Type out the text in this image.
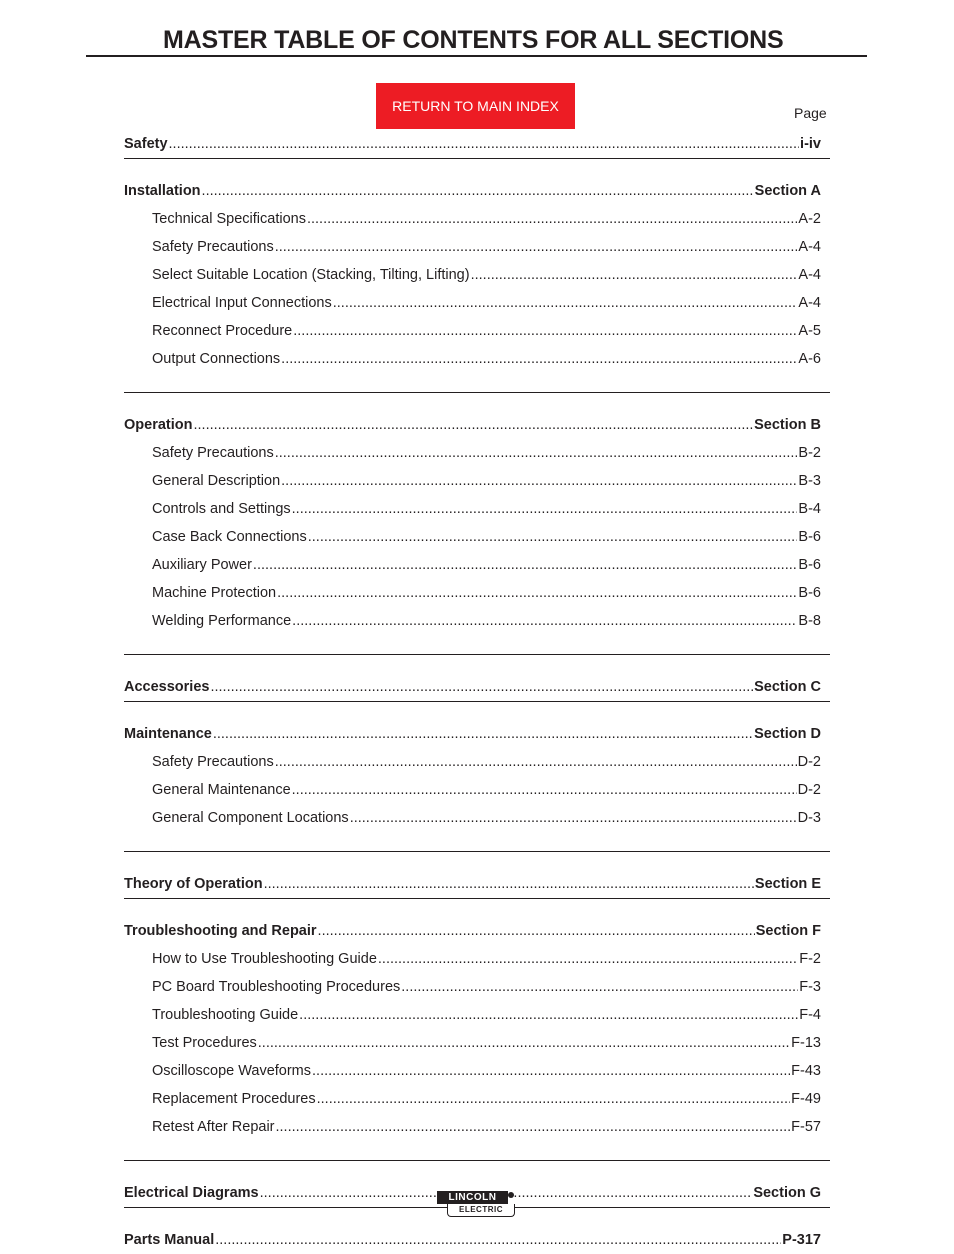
MASTER TABLE OF CONTENTS FOR ALL SECTIONS
RETURN TO MAIN INDEX	Page
Safety .....	i-iv
Installation .....	Section A
Technical Specifications .....	A-2
Safety Precautions .....	A-4
Select Suitable Location (Stacking, Tilting, Lifting) .....	A-4
Electrical Input Connections .....	A-4
Reconnect Procedure .....	A-5
Output Connections .....	A-6
Operation .....	Section B
Safety Precautions .....	B-2
General Description .....	B-3
Controls and Settings .....	B-4
Case Back Connections .....	B-6
Auxiliary Power .....	B-6
Machine Protection .....	B-6
Welding Performance .....	B-8
Accessories .....	Section C
Maintenance .....	Section D
Safety Precautions .....	D-2
General Maintenance .....	D-2
General Component Locations .....	D-3
Theory of Operation .....	Section E
Troubleshooting and Repair .....	Section F
How to Use Troubleshooting Guide .....	F-2
PC Board Troubleshooting Procedures .....	F-3
Troubleshooting Guide .....	F-4
Test Procedures .....	F-13
Oscilloscope Waveforms .....	F-43
Replacement Procedures .....	F-49
Retest After Repair .....	F-57
Electrical Diagrams .....	Section G
Parts Manual .....	P-317
LINCOLN
ELECTRIC
